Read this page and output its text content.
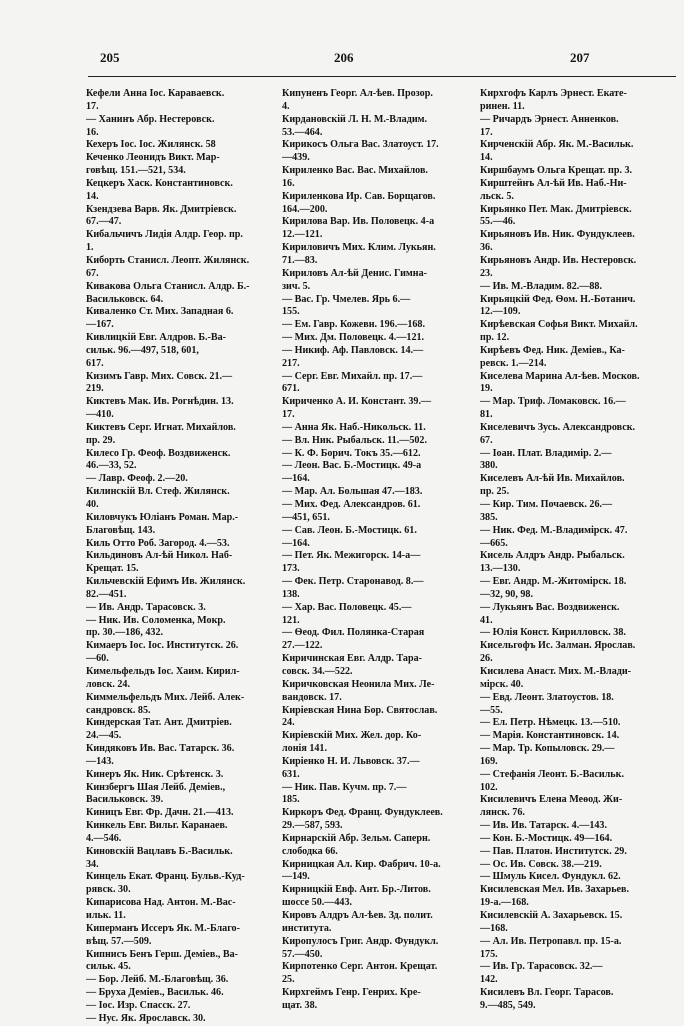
205	206	207
Кефели Анна Іос. Караваевск.
17.
— Ханинъ Абр. Нестеровск.
16.
Кехеръ Іос. Іос. Жилянск. 58
Кеченко Леонидъ Викт. Мар-
говѣщ. 151.—521, 534.
Кецкеръ Хаск. Константиновск.
14.
Кзендзева Варв. Як. Дмитріевск.
67.—47.
Кибальчичъ Лидія Алдр. Геор. пр.
1.
Киборть Станисл. Леопт. Жилянск.
67.
Кивакова Ольга Станисл. Алдр. Б.-
Васильковск. 64.
Киваленко Ст. Мих. Западная 6.
—167.
Кивлицкій Евг. Алдров. Б.-Ва-
сильк. 96.—497, 518, 601,
617.
Кизимъ Гавр. Мих. Совск. 21.—
219.
Киктевъ Мак. Ив. Рогнѣдин. 13.
—410.
Киктевъ Серг. Игнат. Михайлов.
пр. 29.
Килесо Гр. Феоф. Воздвиженск.
46.—33, 52.
— Лавр. Феоф. 2.—20.
Килинскій Вл. Стеф. Жилянск.
40.
Киловчукъ Юліанъ Роман. Мар.-
Благовѣщ. 143.
Киль Отто Роб. Загород. 4.—53.
Кильдиновъ Ал-ѣй Никол. Наб-
Крещат. 15.
Кильчевскій Ефимъ Ив. Жилянск.
82.—451.
— Ив. Андр. Тарасовск. 3.
— Ник. Ив. Соломенка, Мокр.
пр. 30.—186, 432.
Кимаеръ Іос. Іос. Институтск. 26.
—60.
Кимельфельдъ Іос. Хаим. Кирил-
ловск. 24.
Киммельфельдъ Мих. Лейб. Алек-
сандровск. 85.
Киндерская Тат. Ант. Дмитріев.
24.—45.
Киндяковъ Ив. Вас. Татарск. 36.
—143.
Кинеръ Як. Ник. Срѣтенск. 3.
Кинзбергъ Шая Лейб. Деміев.,
Васильковск. 39.
Киницъ Евг. Фр. Дачн. 21.—413.
Кинкель Евг. Вильг. Каранаев.
4.—546.
Киновскій Вацлавъ Б.-Васильк.
34.
Кинцель Екат. Франц. Бульв.-Куд-
рявск. 30.
Кипарисова Над. Антон. М.-Вас-
ильк. 11.
Киперманъ Иссеръ Як. М.-Благо-
вѣщ. 57.—509.
Кипнисъ Бенъ Герш. Деміев., Ва-
сильк. 45.
— Бор. Лейб. М.-Благовѣщ. 36.
— Бруха Деміев., Васильк. 46.
— Іос. Изр. Спасск. 27.
— Нус. Як. Ярославск. 30.
Кипуненъ Георг. Ал-ѣев. Прозор.
4.
Кирдановскій Л. Н. М.-Владим.
53.—464.
Кирикосъ Ольга Вас. Златоуст. 17.
—439.
Кириленко Вас. Вас. Михайлов.
16.
Кириленкова Ир. Сав. Борщагов.
164.—200.
Кирилова Вар. Ив. Половецк. 4-а
12.—121.
Кириловичъ Мих. Клим. Лукьян.
71.—83.
Кириловъ Ал-ѣй Денис. Гимна-
зич. 5.
— Вас. Гр. Чмелев. Ярь 6.—
155.
— Ем. Гавр. Кожевн. 196.—168.
— Мих. Дм. Половецк. 4.—121.
— Никиф. Аф. Павловск. 14.—
217.
— Серг. Евг. Михайл. пр. 17.—
671.
Кириченко А. И. Констант. 39.—
17.
— Анна Як. Наб.-Никольск. 11.
— Вл. Ник. Рыбальск. 11.—502.
— К. Ф. Борич. Токъ 35.—612.
— Леон. Вас. Б.-Мостицк. 49-а
—164.
— Мар. Ал. Большая 47.—183.
— Мих. Фед. Александров. 61.
—451, 651.
— Сав. Леон. Б.-Мостицк. 61.
—164.
— Пет. Як. Межигорск. 14-а—
173.
— Фек. Петр. Старонавод. 8.—
138.
— Хар. Вас. Половецк. 45.—
121.
— Ѳеод. Фил. Полянка-Старая
27.—122.
Киричинская Евг. Алдр. Тара-
совск. 34.—522.
Киричковская Неонила Мих. Ле-
вандовск. 17.
Киріевская Нина Бор. Святослав.
24.
Киріевскій Мих. Жел. дор. Ко-
лонія 141.
Киріенко Н. И. Львовск. 37.—
631.
— Ник. Пав. Кучм. пр. 7.—
185.
Киркоръ Фед. Франц. Фундуклеев.
29.—587, 593.
Кирнарскій Абр. Зельм. Саперн.
слободка 66.
Кирницкая Ал. Кир. Фабрич. 10-а.
—149.
Кирницкій Евф. Ант. Бр.-Литов.
шоссе 50.—443.
Кировъ Алдръ Ал-ѣев. Зд. полит.
института.
Киропулосъ Григ. Андр. Фундукл.
57.—450.
Кирпотенко Серг. Антон. Крещат.
25.
Кирхгеймъ Генр. Генрих. Кре-
щат. 38.
Кирхгофъ Карлъ Эрнест. Екате-
ринен. 11.
— Ричардъ Эрнест. Анненков.
17.
Кирченскій Абр. Як. М.-Васильк.
14.
Киршбаумъ Ольга Крещат. пр. 3.
Кирштейнъ Ал-ѣй Ив. Наб.-Ни-
льск. 5.
Кирьянко Пет. Мак. Дмитріевск.
55.—46.
Кирьяновъ Ив. Ник. Фундуклеев.
36.
Кирьяновъ Андр. Ив. Нестеровск.
23.
— Ив. М.-Владим. 82.—88.
Кирьяцкій Фед. Ѳом. Н.-Ботанич.
12.—109.
Кирѣевская Софья Викт. Михайл.
пр. 12.
Кирѣевъ Фед. Ник. Деміев., Ка-
ревск. 1.—214.
Киселева Марина Ал-ѣев. Москов.
19.
— Мар. Триф. Ломаковск. 16.—
81.
Киселевичъ Зусь. Александровск.
67.
— Іоан. Плат. Владимір. 2.—
380.
Киселевъ Ал-ѣй Ив. Михайлов.
пр. 25.
— Кир. Тим. Почаевск. 26.—
385.
— Ник. Фед. М.-Владимірск. 47.
—665.
Кисель Алдръ Андр. Рыбальск.
13.—130.
— Евг. Андр. М.-Житомірск. 18.
—32, 90, 98.
— Лукьянъ Вас. Воздвиженск.
41.
— Юлія Конст. Кирилловск. 38.
Кисельгофъ Ис. Залман. Ярослав.
26.
Кисилева Анаст. Мих. М.-Влади-
мірск. 40.
— Евд. Леонт. Златоустов. 18.
—55.
— Ел. Петр. Нѣмецк. 13.—510.
— Марія. Константиновск. 14.
— Мар. Тр. Копыловск. 29.—
169.
— Стефанія Леонт. Б.-Васильк.
102.
Кисилевичъ Елена Меѳод. Жи-
лянск. 76.
— Ив. Ив. Татарск. 4.—143.
— Кон. Б.-Мостицк. 49—164.
— Пав. Платон. Институтск. 29.
— Ос. Ив. Совск. 38.—219.
— Шмуль Кисел. Фундукл. 62.
Кисилевская Мел. Ив. Захарьев.
19-а.—168.
Кисилевскій А. Захарьевск. 15.
—168.
— Ал. Ив. Петропавл. пр. 15-а.
175.
— Ив. Гр. Тарасовск. 32.—
142.
Кисилевъ Вл. Георг. Тарасов.
9.—485, 549.
